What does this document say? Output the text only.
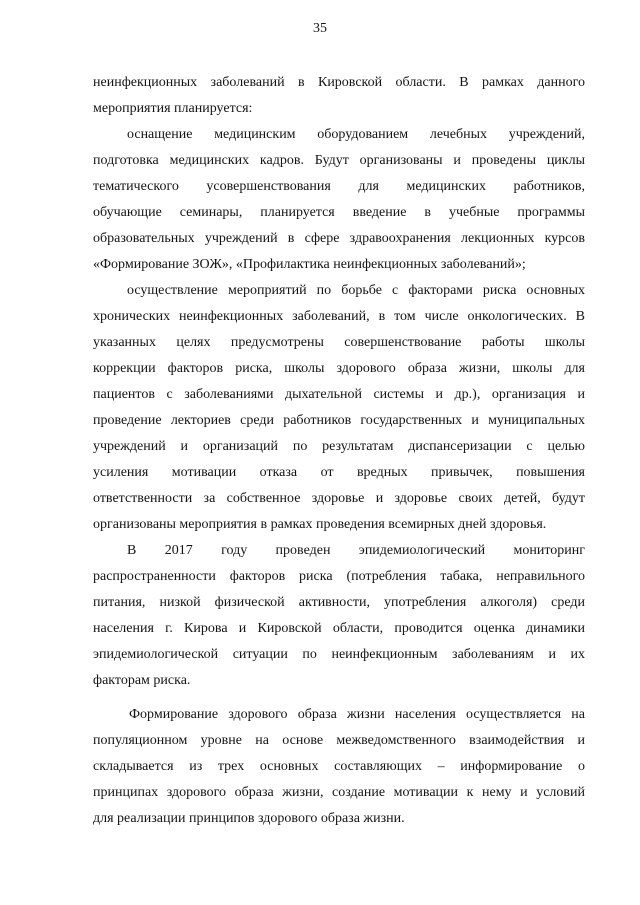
35
неинфекционных заболеваний в Кировской области. В рамках данного
мероприятия планируется:
оснащение медицинским оборудованием лечебных учреждений,
подготовка медицинских кадров. Будут организованы и проведены циклы
тематического усовершенствования для медицинских работников,
обучающие семинары, планируется введение в учебные программы
образовательных учреждений в сфере здравоохранения лекционных курсов
«Формирование ЗОЖ», «Профилактика неинфекционных заболеваний»;
осуществление мероприятий по борьбе с факторами риска основных
хронических неинфекционных заболеваний, в том числе онкологических. В
указанных целях предусмотрены совершенствование работы школы
коррекции факторов риска, школы здорового образа жизни, школы для
пациентов с заболеваниями дыхательной системы и др.), организация и
проведение лекториев среди работников государственных и муниципальных
учреждений и организаций по результатам диспансеризации с целью
усиления мотивации отказа от вредных привычек, повышения
ответственности за собственное здоровье и здоровье своих детей, будут
организованы мероприятия в рамках проведения всемирных дней здоровья.
В 2017 году проведен эпидемиологический мониторинг
распространенности факторов риска (потребления табака, неправильного
питания, низкой физической активности, употребления алкоголя) среди
населения г. Кирова и Кировской области, проводится оценка динамики
эпидемиологической ситуации по неинфекционным заболеваниям и их
факторам риска.
Формирование здорового образа жизни населения осуществляется на
популяционном уровне на основе межведомственного взаимодействия и
складывается из трех основных составляющих – информирование о
принципах здорового образа жизни, создание мотивации к нему и условий
для реализации принципов здорового образа жизни.
